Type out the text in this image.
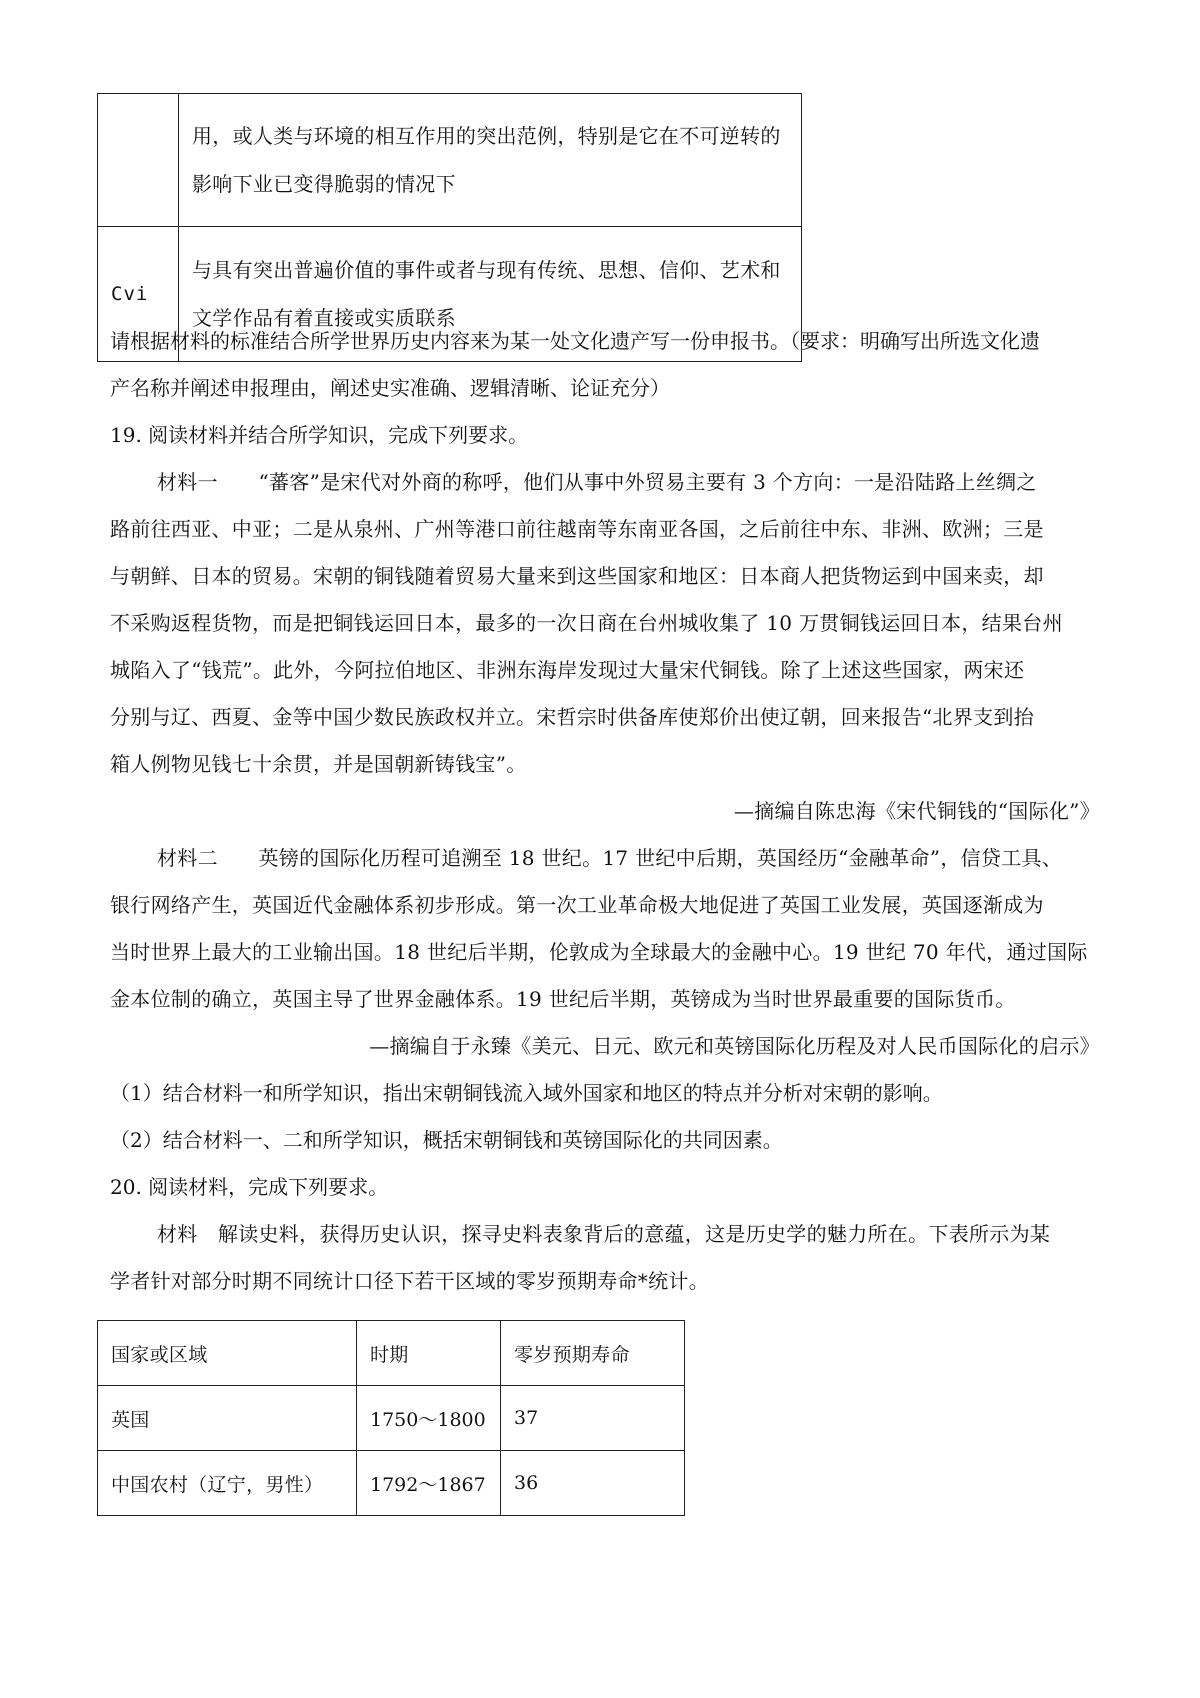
	用，或人类与环境的相互作用的突出范例，特别是它在不可逆转的
影响下业已变得脆弱的情况下

Cvi	与具有突出普遍价值的事件或者与现有传统、思想、信仰、艺术和
文学作品有着直接或实质联系
请根据材料的标准结合所学世界历史内容来为某一处文化遗产写一份申报书。（要求：明确写出所选文化遗
产名称并阐述申报理由，阐述史实准确、逻辑清晰、论证充分）
19. 阅读材料并结合所学知识，完成下列要求。
材料一　　“蕃客”是宋代对外商的称呼，他们从事中外贸易主要有 3 个方向：一是沿陆路上丝绸之
路前往西亚、中亚；二是从泉州、广州等港口前往越南等东南亚各国，之后前往中东、非洲、欧洲；三是
与朝鲜、日本的贸易。宋朝的铜钱随着贸易大量来到这些国家和地区：日本商人把货物运到中国来卖，却
不采购返程货物，而是把铜钱运回日本，最多的一次日商在台州城收集了 10 万贯铜钱运回日本，结果台州
城陷入了“钱荒”。此外，今阿拉伯地区、非洲东海岸发现过大量宋代铜钱。除了上述这些国家，两宋还
分别与辽、西夏、金等中国少数民族政权并立。宋哲宗时供备库使郑价出使辽朝，回来报告“北界支到抬
箱人例物见钱七十余贯，并是国朝新铸钱宝”。
—摘编自陈忠海《宋代铜钱的“国际化”》
材料二　　英镑的国际化历程可追溯至 18 世纪。17 世纪中后期，英国经历“金融革命”，信贷工具、
银行网络产生，英国近代金融体系初步形成。第一次工业革命极大地促进了英国工业发展，英国逐渐成为
当时世界上最大的工业输出国。18 世纪后半期，伦敦成为全球最大的金融中心。19 世纪 70 年代，通过国际
金本位制的确立，英国主导了世界金融体系。19 世纪后半期，英镑成为当时世界最重要的国际货币。
—摘编自于永臻《美元、日元、欧元和英镑国际化历程及对人民币国际化的启示》
（1）结合材料一和所学知识，指出宋朝铜钱流入域外国家和地区的特点并分析对宋朝的影响。
（2）结合材料一、二和所学知识，概括宋朝铜钱和英镑国际化的共同因素。
20. 阅读材料，完成下列要求。
材料　解读史料，获得历史认识，探寻史料表象背后的意蕴，这是历史学的魅力所在。下表所示为某
学者针对部分时期不同统计口径下若干区域的零岁预期寿命*统计。
国家或区域	时期	零岁预期寿命
英国	1750～1800	37
中国农村（辽宁，男性）	1792～1867	36
